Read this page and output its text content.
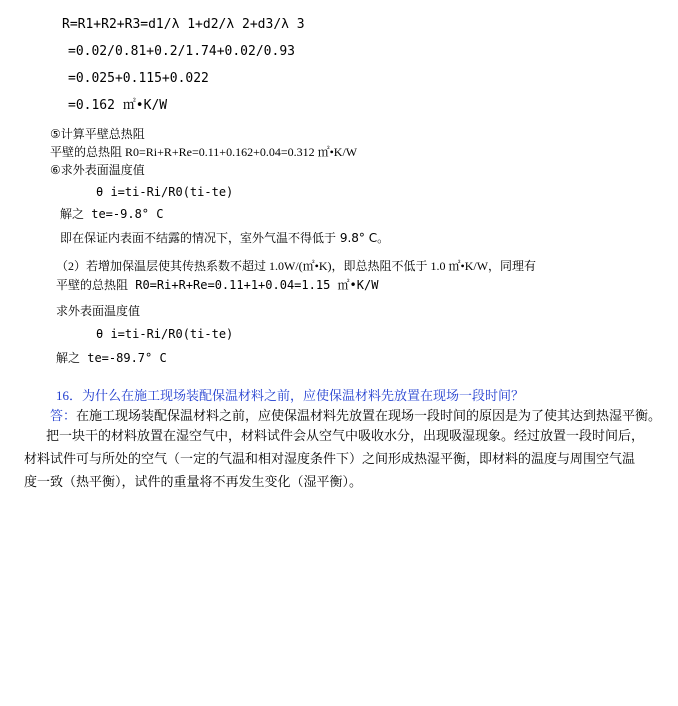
R=R1+R2+R3=d1/λ 1+d2/λ 2+d3/λ 3
=0.02/0.81+0.2/1.74+0.02/0.93
=0.025+0.115+0.022
=0.162 ㎡•K/W
⑤计算平壁总热阻
平壁的总热阻 R0=Ri+R+Re=0.11+0.162+0.04=0.312 ㎡•K/W
⑥求外表面温度值
θ i=ti-Ri/R0(ti-te)
解之 te=-9.8° C
即在保证内表面不结露的情况下，室外气温不得低于 9.8° C。
（2）若增加保温层使其传热系数不超过 1.0W/(㎡•K)，即总热阻不低于 1.0 ㎡•K/W，同理有
平壁的总热阻 R0=Ri+R+Re=0.11+1+0.04=1.15 ㎡•K/W
求外表面温度值
θ i=ti-Ri/R0(ti-te)
解之 te=-89.7° C
16．为什么在施工现场装配保温材料之前，应使保温材料先放置在现场一段时间？
答：在施工现场装配保温材料之前，应使保温材料先放置在现场一段时间的原因是为了使其达到热湿平衡。
把一块干的材料放置在湿空气中，材料试件会从空气中吸收水分，出现吸湿现象。经过放置一段时间后，材料试件可与所处的空气（一定的气温和相对湿度条件下）之间形成热湿平衡，即材料的温度与周围空气温度一致（热平衡），试件的重量将不再发生变化（湿平衡）。
